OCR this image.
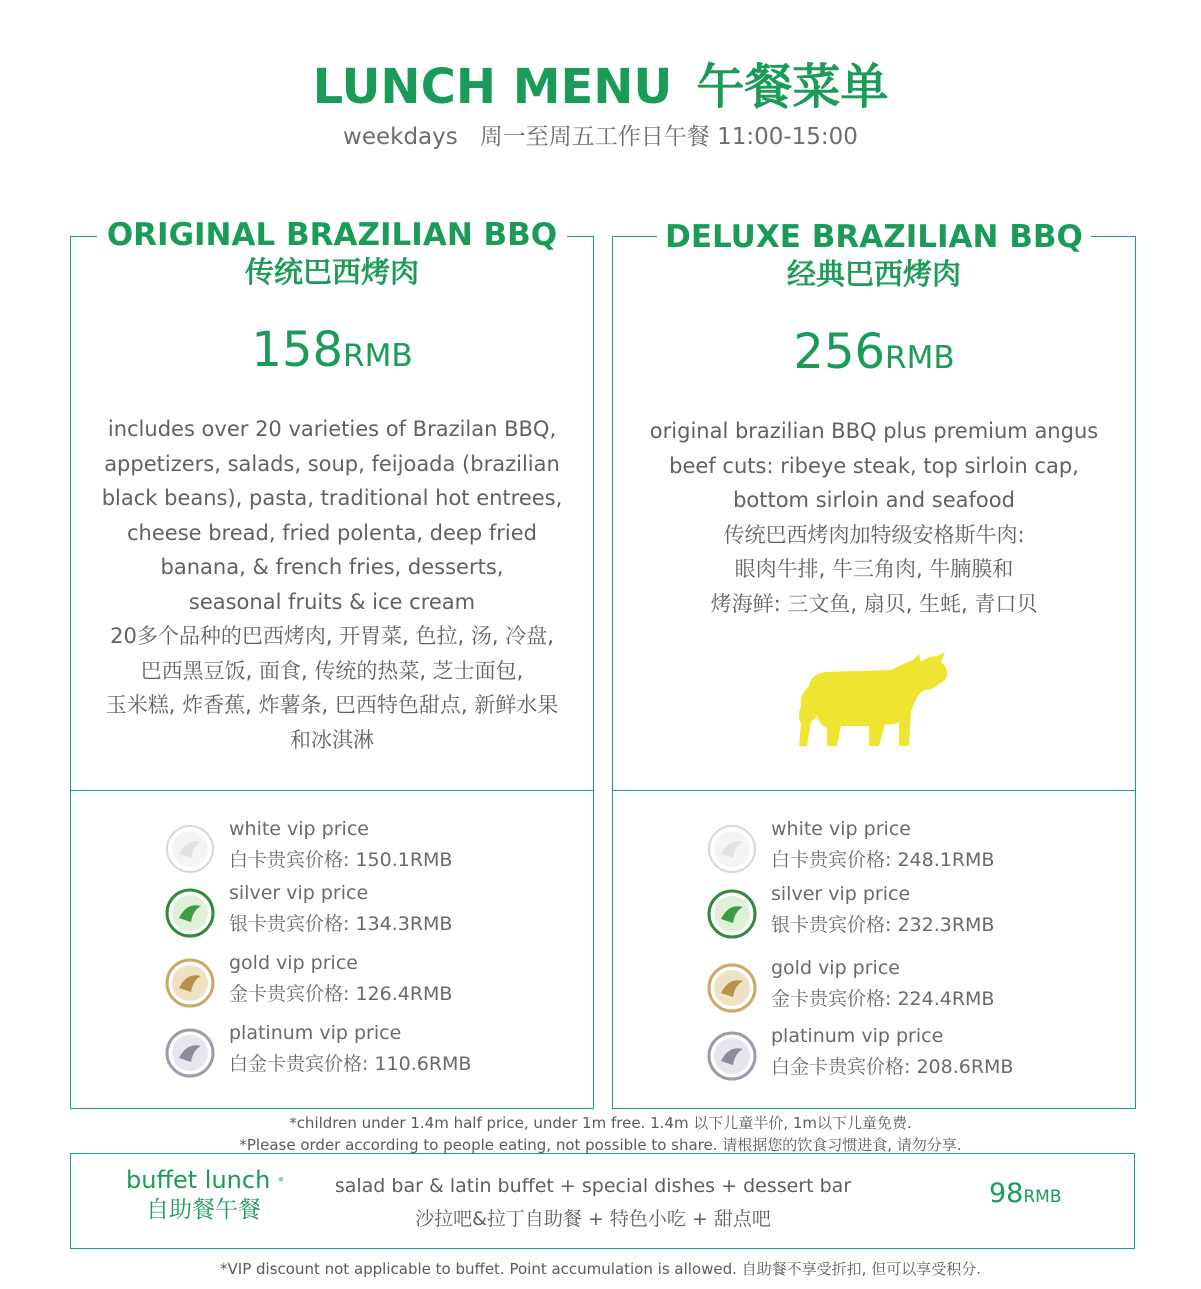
LUNCH MENU 午餐菜单
weekdays 周一至周五工作日午餐 11:00-15:00
ORIGINAL BRAZILIAN BBQ
传统巴西烤肉
158RMB
includes over 20 varieties of Brazilan BBQ,
appetizers, salads, soup, feijoada (brazilian
black beans), pasta, traditional hot entrees,
cheese bread, fried polenta, deep fried
banana, & french fries, desserts,
seasonal fruits & ice cream
20多个品种的巴西烤肉, 开胃菜, 色拉, 汤, 冷盘,
巴西黑豆饭, 面食, 传统的热菜, 芝士面包,
玉米糕, 炸香蕉, 炸薯条, 巴西特色甜点, 新鲜水果
和冰淇淋
white vip price
白卡贵宾价格: 150.1RMB
silver vip price
银卡贵宾价格: 134.3RMB
gold vip price
金卡贵宾价格: 126.4RMB
platinum vip price
白金卡贵宾价格: 110.6RMB
DELUXE BRAZILIAN BBQ
经典巴西烤肉
256RMB
original brazilian BBQ plus premium angus
beef cuts: ribeye steak, top sirloin cap,
bottom sirloin and seafood
传统巴西烤肉加特级安格斯牛肉:
眼肉牛排, 牛三角肉, 牛腩膜和
烤海鲜: 三文鱼, 扇贝, 生蚝, 青口贝
white vip price
白卡贵宾价格: 248.1RMB
silver vip price
银卡贵宾价格: 232.3RMB
gold vip price
金卡贵宾价格: 224.4RMB
platinum vip price
白金卡贵宾价格: 208.6RMB
*children under 1.4m half price, under 1m free. 1.4m 以下儿童半价, 1m以下儿童免费.
*Please order according to people eating, not possible to share. 请根据您的饮食习惯进食, 请勿分享.
buffet lunch •
自助餐午餐
salad bar & latin buffet + special dishes + dessert bar
沙拉吧&拉丁自助餐 + 特色小吃 + 甜点吧
98RMB
*VIP discount not applicable to buffet. Point accumulation is allowed. 自助餐不享受折扣, 但可以享受积分.
